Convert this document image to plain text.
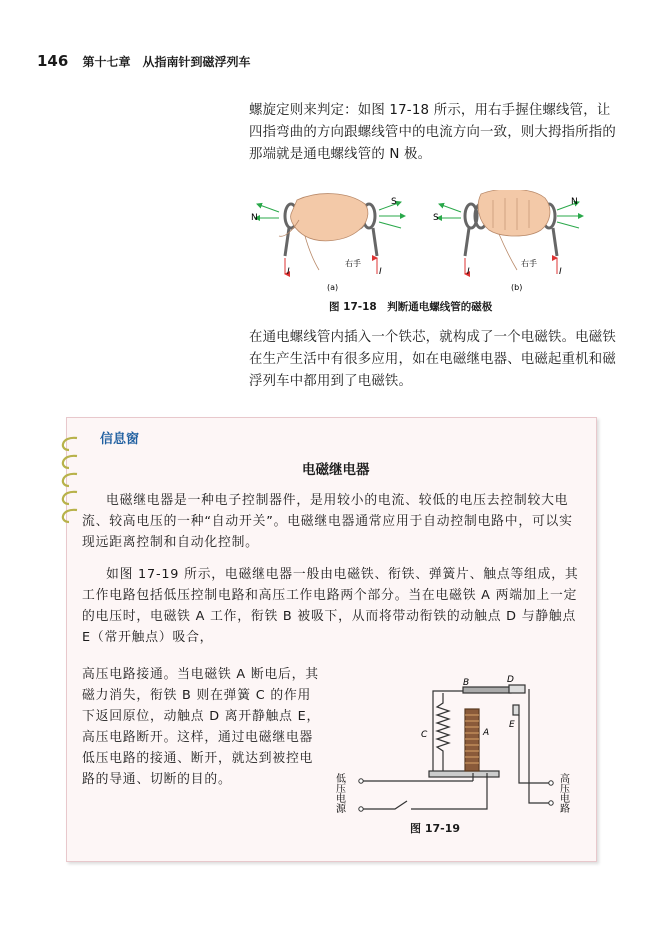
146 第十七章　从指南针到磁浮列车
螺旋定则来判定：如图 17-18 所示，用右手握住螺线管，让四指弯曲的方向跟螺线管中的电流方向一致，则大拇指所指的那端就是通电螺线管的 N 极。
N
S
I	I
右手
(a)
S
N
I	I
右手
(b)
图 17-18　判断通电螺线管的磁极
在通电螺线管内插入一个铁芯，就构成了一个电磁铁。电磁铁在生产生活中有很多应用，如在电磁继电器、电磁起重机和磁浮列车中都用到了电磁铁。
信息窗
电磁继电器
电磁继电器是一种电子控制器件，是用较小的电流、较低的电压去控制较大电流、较高电压的一种“自动开关”。电磁继电器通常应用于自动控制电路中，可以实现远距离控制和自动化控制。
如图 17-19 所示，电磁继电器一般由电磁铁、衔铁、弹簧片、触点等组成，其工作电路包括低压控制电路和高压工作电路两个部分。当在电磁铁 A 两端加上一定的电压时，电磁铁 A 工作，衔铁 B 被吸下，从而将带动衔铁的动触点 D 与静触点 E（常开触点）吸合，
高压电路接通。当电磁铁 A 断电后，其磁力消失，衔铁 B 则在弹簧 C 的作用下返回原位，动触点 D 离开静触点 E，高压电路断开。这样，通过电磁继电器低压电路的接通、断开，就达到被控电路的导通、切断的目的。
B	D
E
C	A
低压电源	高压电路
图 17-19
